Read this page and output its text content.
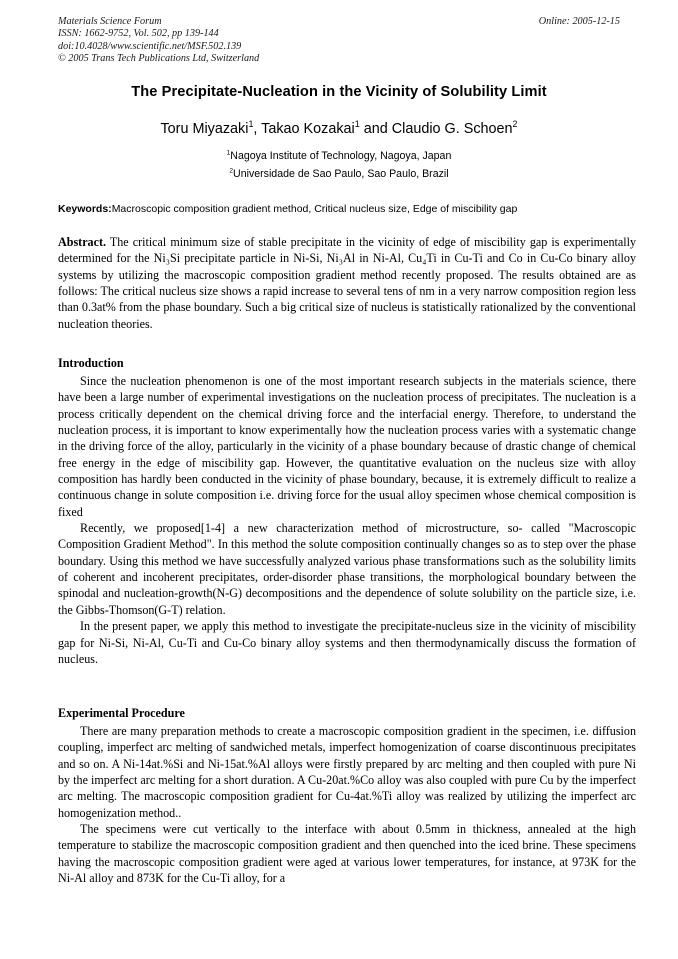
Materials Science Forum	Online: 2005-12-15
ISSN: 1662-9752, Vol. 502, pp 139-144
doi:10.4028/www.scientific.net/MSF.502.139
© 2005 Trans Tech Publications Ltd, Switzerland
The Precipitate-Nucleation in the Vicinity of Solubility Limit
Toru Miyazaki$^1$, Takao Kozakai$^1$ and Claudio G. Schoen$^2$
$^1$Nagoya Institute of Technology, Nagoya, Japan
$^2$Universidade de Sao Paulo, Sao Paulo, Brazil
Keywords:Macroscopic composition gradient method, Critical nucleus size, Edge of miscibility gap

Abstract. The critical minimum size of stable precipitate in the vicinity of edge of miscibility gap is experimentally determined for the Ni₃Si precipitate particle in Ni-Si, Ni₃Al in Ni-Al, Cu₄Ti in Cu-Ti and Co in Cu-Co binary alloy systems by utilizing the macroscopic composition gradient method recently proposed. The results obtained are as follows: The critical nucleus size shows a rapid increase to several tens of nm in a very narrow composition region less than 0.3at% from the phase boundary. Such a big critical size of nucleus is statistically rationalized by the conventional nucleation theories.

Introduction

Since the nucleation phenomenon is one of the most important research subjects in the materials science, there have been a large number of experimental investigations on the nucleation process of precipitates. The nucleation is a process critically dependent on the chemical driving force and the interfacial energy. Therefore, to understand the nucleation process, it is important to know experimentally how the nucleation process varies with a systematic change in the driving force of the alloy, particularly in the vicinity of a phase boundary because of drastic change of chemical free energy in the edge of miscibility gap. However, the quantitative evaluation on the nucleus size with alloy composition has hardly been conducted in the vicinity of phase boundary, because, it is extremely difficult to realize a continuous change in solute composition i.e. driving force for the usual alloy specimen whose chemical composition is fixed

Recently, we proposed[1-4] a new characterization method of microstructure, so- called "Macroscopic Composition Gradient Method". In this method the solute composition continually changes so as to step over the phase boundary. Using this method we have successfully analyzed various phase transformations such as the solubility limits of coherent and incoherent precipitates, order-disorder phase transitions, the morphological boundary between the spinodal and nucleation-growth(N-G) decompositions and the dependence of solute solubility on the particle size, i.e. the Gibbs-Thomson(G-T) relation.

In the present paper, we apply this method to investigate the precipitate-nucleus size in the vicinity of miscibility gap for Ni-Si, Ni-Al, Cu-Ti and Cu-Co binary alloy systems and then thermodynamically discuss the formation of nucleus.

Experimental Procedure

There are many preparation methods to create a macroscopic composition gradient in the specimen, i.e. diffusion coupling, imperfect arc melting of sandwiched metals, imperfect homogenization of coarse discontinuous precipitates and so on. A Ni-14at.%Si and Ni-15at.%Al alloys were firstly prepared by arc melting and then coupled with pure Ni by the imperfect arc melting for a short duration. A Cu-20at.%Co alloy was also coupled with pure Cu by the imperfect arc melting. The macroscopic composition gradient for Cu-4at.%Ti alloy was realized by utilizing the imperfect arc homogenization method..

The specimens were cut vertically to the interface with about 0.5mm in thickness, annealed at the high temperature to stabilize the macroscopic composition gradient and then quenched into the iced brine. These specimens having the macroscopic composition gradient were aged at various lower temperatures, for instance, at 973K for the Ni-Al alloy and 873K for the Cu-Ti alloy, for a
